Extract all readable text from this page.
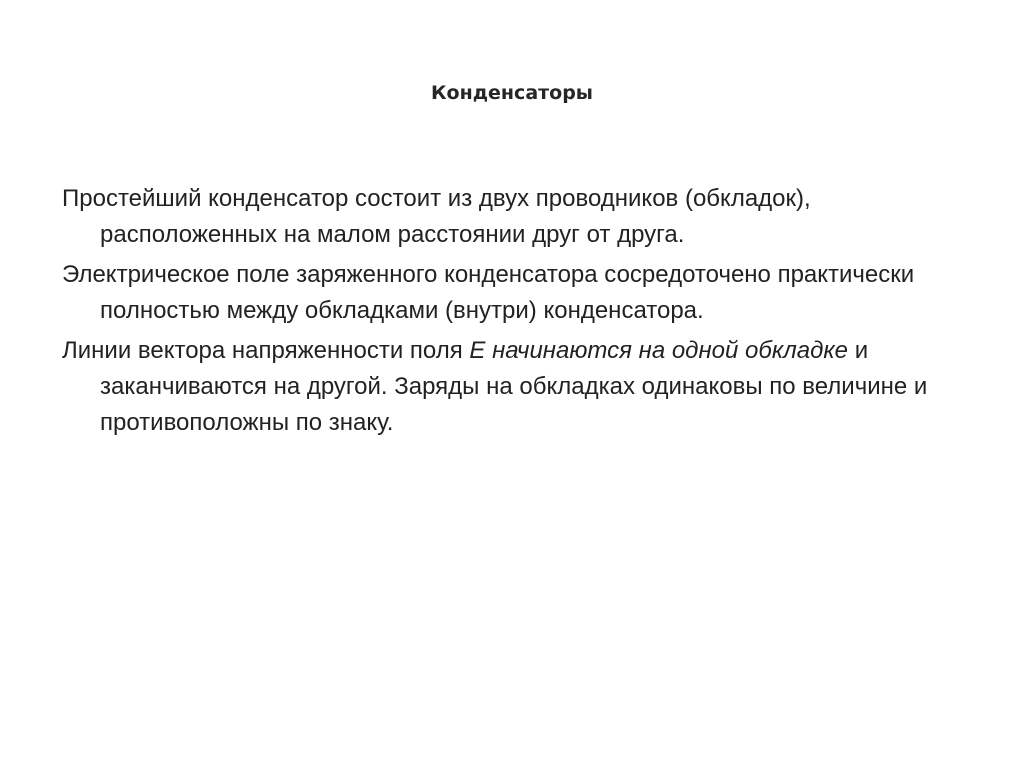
Конденсаторы
Простейший конденсатор состоит из двух проводников (обкладок), расположенных на малом расстоянии друг от друга.
Электрическое поле заряженного конденсатора сосредоточено практически полностью между обкладками (внутри) конденсатора.
Линии вектора напряженности поля E начинаются на одной обкладке и заканчиваются на другой. Заряды на обкладках одинаковы по величине и противоположны по знаку.
